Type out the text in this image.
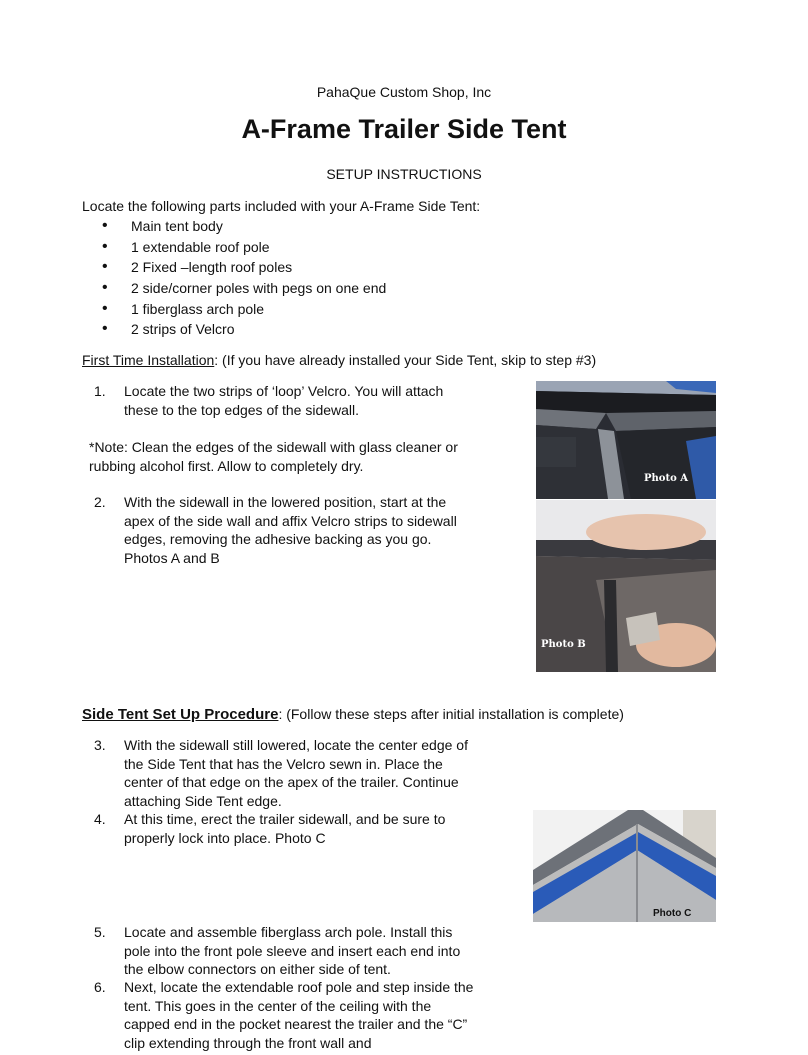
PahaQue Custom Shop, Inc
A-Frame Trailer Side Tent
SETUP INSTRUCTIONS
Locate the following parts included with your A-Frame Side Tent:
• Main tent body
• 1 extendable roof pole
• 2 Fixed –length roof poles
• 2 side/corner poles with pegs on one end
• 1 fiberglass arch pole
• 2 strips of Velcro
First Time Installation: (If you have already installed your Side Tent, skip to step #3)
1. Locate the two strips of ‘loop’ Velcro. You will attach these to the top edges of the sidewall.
*Note: Clean the edges of the sidewall with glass cleaner or rubbing alcohol first. Allow to completely dry.
2. With the sidewall in the lowered position, start at the apex of the side wall and affix Velcro strips to sidewall edges, removing the adhesive backing as you go. Photos A and B
Photo A
Photo B
Side Tent Set Up Procedure: (Follow these steps after initial installation is complete)
3. With the sidewall still lowered, locate the center edge of the Side Tent that has the Velcro sewn in. Place the center of that edge on the apex of the trailer. Continue attaching Side Tent edge.
4. At this time, erect the trailer sidewall, and be sure to properly lock into place. Photo C
Photo C
5. Locate and assemble fiberglass arch pole. Install this pole into the front pole sleeve and insert each end into the elbow connectors on either side of tent.
6. Next, locate the extendable roof pole and step inside the tent. This goes in the center of the ceiling with the capped end in the pocket nearest the trailer and the “C” clip extending through the front wall and
